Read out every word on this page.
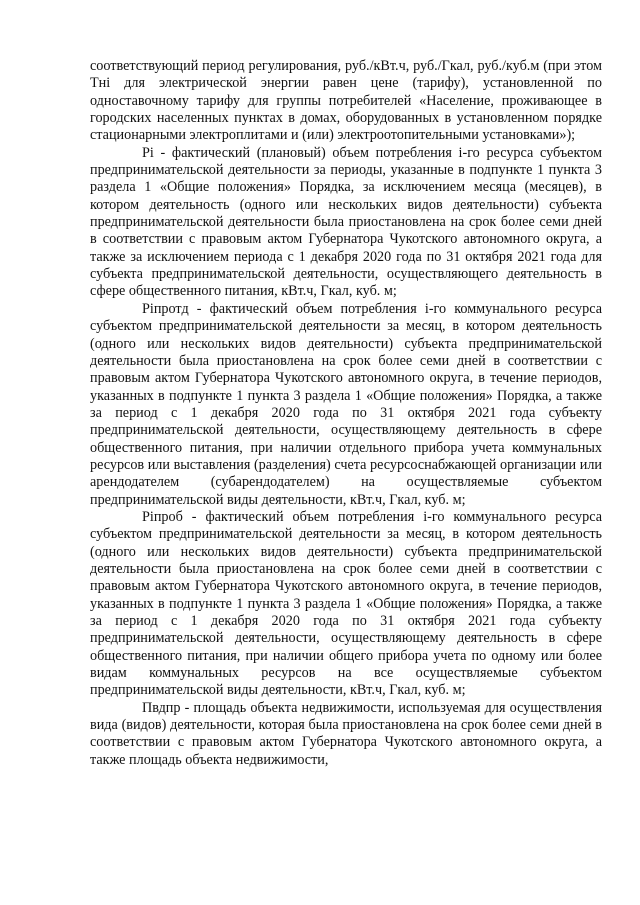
соответствующий период регулирования, руб./кВт.ч, руб./Гкал, руб./куб.м (при этом Тнi для электрической энергии равен цене (тарифу), установленной по одноставочному тарифу для группы потребителей «Население, проживающее в городских населенных пунктах в домах, оборудованных в установленном порядке стационарными электроплитами и (или) электроотопительными установками»);

Pi - фактический (плановый) объем потребления i-го ресурса субъектом предпринимательской деятельности за периоды, указанные в подпункте 1 пункта 3 раздела 1 «Общие положения» Порядка, за исключением месяца (месяцев), в котором деятельность (одного или нескольких видов деятельности) субъекта предпринимательской деятельности была приостановлена на срок более семи дней в соответствии с правовым актом Губернатора Чукотского автономного округа, а также за исключением периода с 1 декабря 2020 года по 31 октября 2021 года для субъекта предпринимательской деятельности, осуществляющего деятельность в сфере общественного питания, кВт.ч, Гкал, куб. м;

Piпротд - фактический объем потребления i-го коммунального ресурса субъектом предпринимательской деятельности за месяц, в котором деятельность (одного или нескольких видов деятельности) субъекта предпринимательской деятельности была приостановлена на срок более семи дней в соответствии с правовым актом Губернатора Чукотского автономного округа, в течение периодов, указанных в подпункте 1 пункта 3 раздела 1 «Общие положения» Порядка, а также за период с 1 декабря 2020 года по 31 октября 2021 года субъекту предпринимательской деятельности, осуществляющему деятельность в сфере общественного питания, при наличии отдельного прибора учета коммунальных ресурсов или выставления (разделения) счета ресурсоснабжающей организации или арендодателем (субарендодателем) на осуществляемые субъектом предпринимательской виды деятельности, кВт.ч, Гкал, куб. м;

Piпроб - фактический объем потребления i-го коммунального ресурса субъектом предпринимательской деятельности за месяц, в котором деятельность (одного или нескольких видов деятельности) субъекта предпринимательской деятельности была приостановлена на срок более семи дней в соответствии с правовым актом Губернатора Чукотского автономного округа, в течение периодов, указанных в подпункте 1 пункта 3 раздела 1 «Общие положения» Порядка, а также за период с 1 декабря 2020 года по 31 октября 2021 года субъекту предпринимательской деятельности, осуществляющему деятельность в сфере общественного питания, при наличии общего прибора учета по одному или более видам коммунальных ресурсов на все осуществляемые субъектом предпринимательской виды деятельности, кВт.ч, Гкал, куб. м;

Пвдпр - площадь объекта недвижимости, используемая для осуществления вида (видов) деятельности, которая была приостановлена на срок более семи дней в соответствии с правовым актом Губернатора Чукотского автономного округа, а также площадь объекта недвижимости,
